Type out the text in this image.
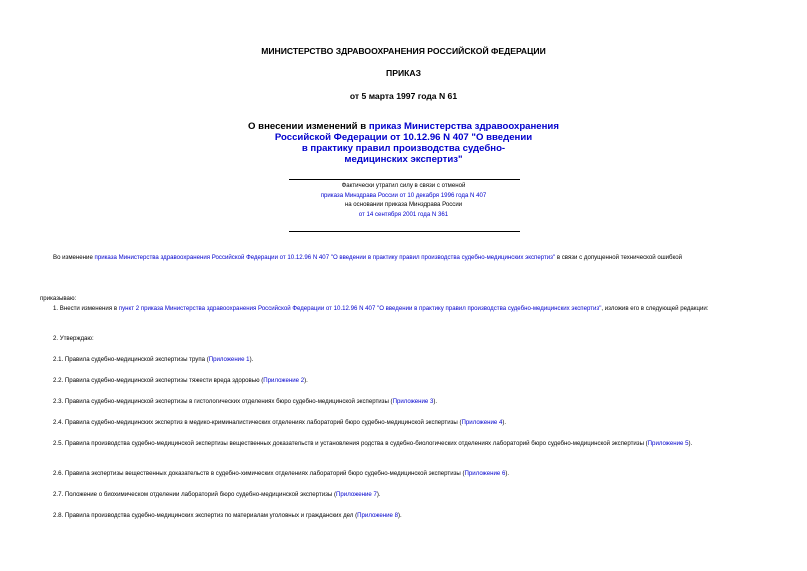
МИНИСТЕРСТВО ЗДРАВООХРАНЕНИЯ РОССИЙСКОЙ ФЕДЕРАЦИИ
ПРИКАЗ
от 5 марта 1997 года N 61
О внесении изменений в приказ Министерства здравоохранения
Российской Федерации от 10.12.96 N 407 "О введении
в практику правил производства судебно-
медицинских экспертиз"
Фактически утратил силу в связи с отменой
приказа Минздрава России от 10 декабря 1996 года N 407
на основании приказа Минздрава России
от 14 сентября 2001 года N 361
Во изменение приказа Министерства здравоохранения Российской Федерации от 10.12.96 N 407 "О введении в практику правил производства судебно-медицинских экспертиз" в связи с допущенной технической ошибкой
приказываю:
1. Внести изменения в пункт 2 приказа Министерства здравоохранения Российской Федерации от 10.12.96 N 407 "О введении в практику правил производства судебно-медицинских экспертиз", изложив его в следующей редакции:
2. Утверждаю:
2.1. Правила судебно-медицинской экспертизы трупа (Приложение 1).
2.2. Правила судебно-медицинской экспертизы тяжести вреда здоровью (Приложение 2).
2.3. Правила судебно-медицинской экспертизы в гистологических отделениях бюро судебно-медицинской экспертизы (Приложение 3).
2.4. Правила судебно-медицинских экспертиз в медико-криминалистических отделениях лабораторий бюро судебно-медицинской экспертизы (Приложение 4).
2.5. Правила производства судебно-медицинской экспертизы вещественных доказательств и установления родства в судебно-биологических отделениях лабораторий бюро судебно-медицинской экспертизы (Приложение 5).
2.6. Правила экспертизы вещественных доказательств в судебно-химических отделениях лабораторий бюро судебно-медицинской экспертизы (Приложение 6).
2.7. Положение о биохимическом отделении лабораторий бюро судебно-медицинской экспертизы (Приложение 7).
2.8. Правила производства судебно-медицинских экспертиз по материалам уголовных и гражданских дел (Приложение 8).
